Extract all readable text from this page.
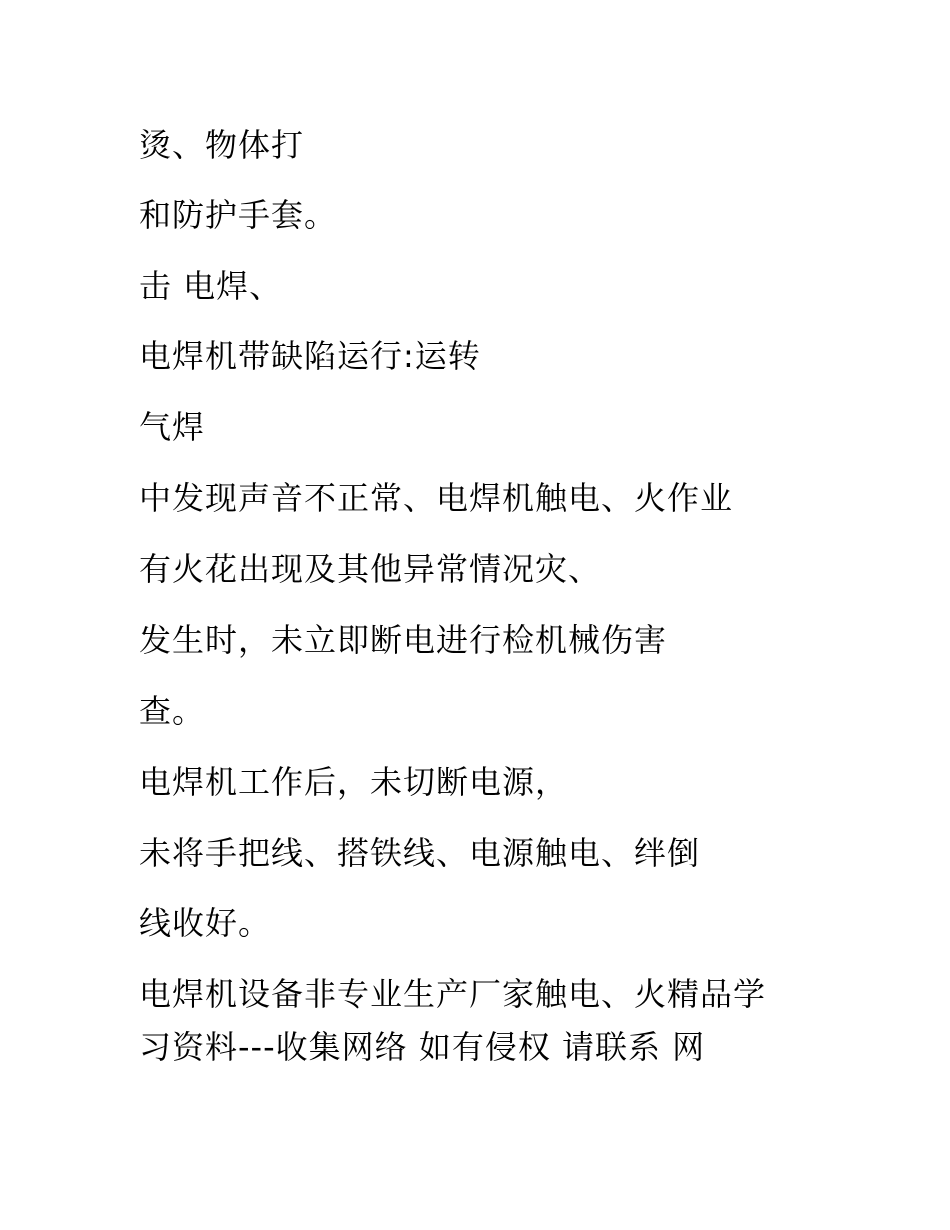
烫、物体打
和防护手套。
击 电焊、
电焊机带缺陷运行:运转
气焊
中发现声音不正常、电焊机触电、火作业
有火花出现及其他异常情况灾、
发生时，未立即断电进行检机械伤害
查。
电焊机工作后，未切断电源，
未将手把线、搭铁线、电源触电、绊倒
线收好。
电焊机设备非专业生产厂家触电、火精品学
习资料---收集网络 如有侵权 请联系 网
